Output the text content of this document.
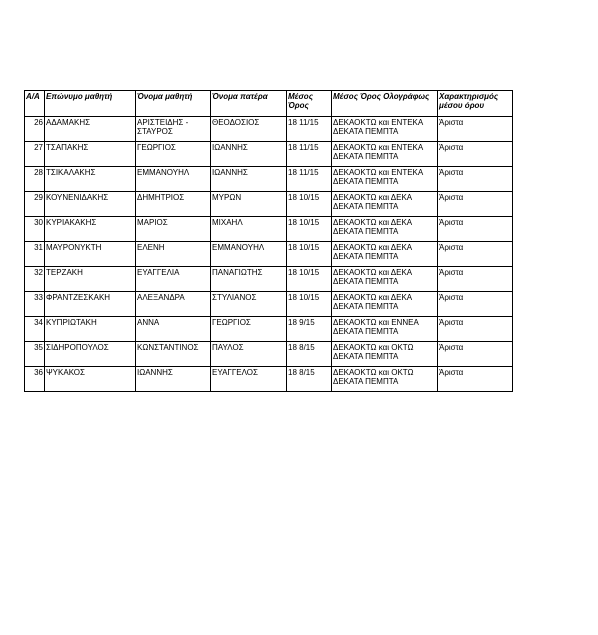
Α/Α	Επώνυμο μαθητή	Όνομα μαθητή	Όνομα πατέρα	Μέσος Όρος	Μέσος Όρος Ολογράφως	Χαρακτηρισμός μέσου όρου
26	ΑΔΑΜΑΚΗΣ	ΑΡΙΣΤΕΙΔΗΣ - ΣΤΑΥΡΟΣ	ΘΕΟΔΟΣΙΟΣ	18 11/15	ΔΕΚΑΟΚΤΩ και ΕΝΤΕΚΑ
ΔΕΚΑΤΑ ΠΕΜΠΤΑ	Άριστα
27	ΤΣΑΠΑΚΗΣ	ΓΕΩΡΓΙΟΣ	ΙΩΑΝΝΗΣ	18 11/15	ΔΕΚΑΟΚΤΩ και ΕΝΤΕΚΑ
ΔΕΚΑΤΑ ΠΕΜΠΤΑ	Άριστα
28	ΤΣΙΚΑΛΑΚΗΣ	ΕΜΜΑΝΟΥΗΛ	ΙΩΑΝΝΗΣ	18 11/15	ΔΕΚΑΟΚΤΩ και ΕΝΤΕΚΑ
ΔΕΚΑΤΑ ΠΕΜΠΤΑ	Άριστα
29	ΚΟΥΝΕΝΙΔΑΚΗΣ	ΔΗΜΗΤΡΙΟΣ	ΜΥΡΩΝ	18 10/15	ΔΕΚΑΟΚΤΩ και ΔΕΚΑ
ΔΕΚΑΤΑ ΠΕΜΠΤΑ	Άριστα
30	ΚΥΡΙΑΚΑΚΗΣ	ΜΑΡΙΟΣ	ΜΙΧΑΗΛ	18 10/15	ΔΕΚΑΟΚΤΩ και ΔΕΚΑ
ΔΕΚΑΤΑ ΠΕΜΠΤΑ	Άριστα
31	ΜΑΥΡΟΝΥΚΤΗ	ΕΛΕΝΗ	ΕΜΜΑΝΟΥΗΛ	18 10/15	ΔΕΚΑΟΚΤΩ και ΔΕΚΑ
ΔΕΚΑΤΑ ΠΕΜΠΤΑ	Άριστα
32	ΤΕΡΖΑΚΗ	ΕΥΑΓΓΕΛΙΑ	ΠΑΝΑΓΙΩΤΗΣ	18 10/15	ΔΕΚΑΟΚΤΩ και ΔΕΚΑ
ΔΕΚΑΤΑ ΠΕΜΠΤΑ	Άριστα
33	ΦΡΑΝΤΖΕΣΚΑΚΗ	ΑΛΕΞΑΝΔΡΑ	ΣΤΥΛΙΑΝΟΣ	18 10/15	ΔΕΚΑΟΚΤΩ και ΔΕΚΑ
ΔΕΚΑΤΑ ΠΕΜΠΤΑ	Άριστα
34	ΚΥΠΡΙΩΤΑΚΗ	ΑΝΝΑ	ΓΕΩΡΓΙΟΣ	18 9/15	ΔΕΚΑΟΚΤΩ και ΕΝΝΕΑ
ΔΕΚΑΤΑ ΠΕΜΠΤΑ	Άριστα
35	ΣΙΔΗΡΟΠΟΥΛΟΣ	ΚΩΝΣΤΑΝΤΙΝΟΣ	ΠΑΥΛΟΣ	18 8/15	ΔΕΚΑΟΚΤΩ και ΟΚΤΩ
ΔΕΚΑΤΑ ΠΕΜΠΤΑ	Άριστα
36	ΨΥΚΑΚΟΣ	ΙΩΑΝΝΗΣ	ΕΥΑΓΓΕΛΟΣ	18 8/15	ΔΕΚΑΟΚΤΩ και ΟΚΤΩ
ΔΕΚΑΤΑ ΠΕΜΠΤΑ	Άριστα
